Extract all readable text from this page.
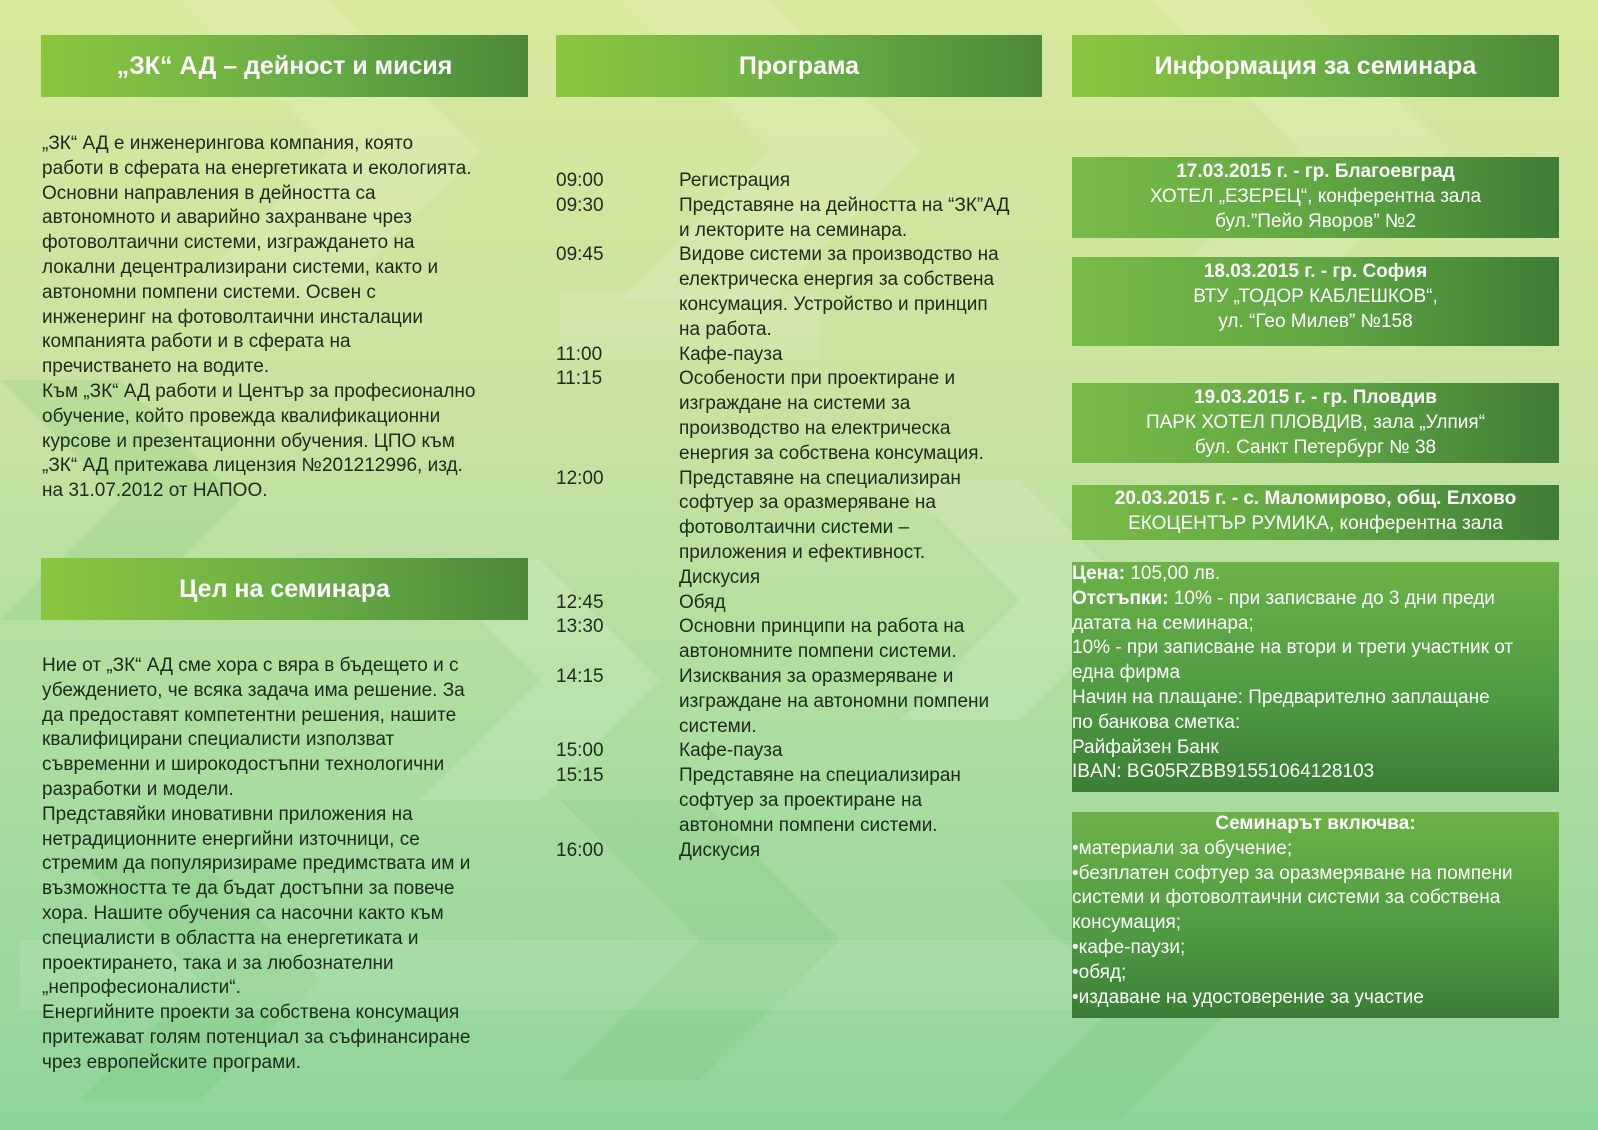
„ЗК“ АД – дейност и мисия

„ЗК“ АД е инженерингова компания, която

работи в сферата на енергетиката и екологията.

Основни направления в дейността са

автономното и аварийно захранване чрез

фотоволтаични системи, изграждането на

локални децентрализирани системи, както и

автономни помпени системи. Освен с

инженеринг на фотоволтаични инсталации

компанията работи и в сферата на

пречистването на водите.

Към „ЗК“ АД работи и Център за професионално

обучение, който провежда квалификационни

курсове и презентационни обучения. ЦПО към

„ЗК“ АД притежава лицензия №201212996, изд.

на 31.07.2012 от НАПОО.

Цел на семинара

Ние от „ЗК“ АД сме хора с вяра в бъдещето и с

убеждението, че всяка задача има решение. За

да предоставят компетентни решения, нашите

квалифицирани специалисти използват

съвременни и широкодостъпни технологични

разработки и модели.

Представяйки иновативни приложения на

нетрадиционните енергийни източници, се

стремим да популяризираме предимствата им и

възможността те да бъдат достъпни за повече

хора. Нашите обучения са насочни както към

специалисти в областта на енергетиката и

проектирането, така и за любознателни

„непрофесионалисти“.

Енергийните проекти за собствена консумация

притежават голям потенциал за съфинансиране

чрез европейските програми.

Програма
09:00	Регистрация
09:30	Представяне на дейността на “ЗК”АД
и лекторите на семинара.
09:45	Видове системи за производство на
електрическа енергия за собствена
консумация. Устройство и принцип
на работа.
11:00	Кафе-пауза
11:15	Особености при проектиране и
изграждане на системи за
производство на електрическа
енергия за собствена консумация.
12:00	Представяне на специализиран
софтуер за оразмеряване на
фотоволтаични системи –
приложения и ефективност.
Дискусия
12:45	Обяд
13:30	Основни принципи на работа на
автономните помпени системи.
14:15	Изисквания за оразмеряване и
изграждане на автономни помпени
системи.
15:00	Кафе-пауза
15:15	Представяне на специализиран
софтуер за проектиране на
автономни помпени системи.
16:00	Дискусия
Информация за семинара
17.03.2015 г. - гр. Благоевград
ХОТЕЛ „ЕЗЕРЕЦ“, конферентна зала
бул.”Пейо Яворов” №2
18.03.2015 г. - гр. София
ВТУ „ТОДОР КАБЛЕШКОВ“,
ул. “Гео Милев” №158
19.03.2015 г. - гр. Пловдив
ПАРК ХОТЕЛ ПЛОВДИВ, зала „Улпия“
бул. Санкт Петербург № 38
20.03.2015 г. - с. Маломирово, общ. Елхово
ЕКОЦЕНТЪР РУМИКА, конферентна зала

Цена: 105,00 лв.

Отстъпки: 10% - при записване до 3 дни преди

датата на семинара;

10% - при записване на втори и трети участник от

една фирма

Начин на плащане: Предварително заплащане

по банкова сметка:

Райфайзен Банк

IBAN: BG05RZBB91551064128103

Семинарът включва:

•материали за обучение;

•безплатен софтуер за оразмеряване на помпени

системи и фотоволтаични системи за собствена

консумация;

•кафе-паузи;

•обяд;

•издаване на удостоверение за участие
